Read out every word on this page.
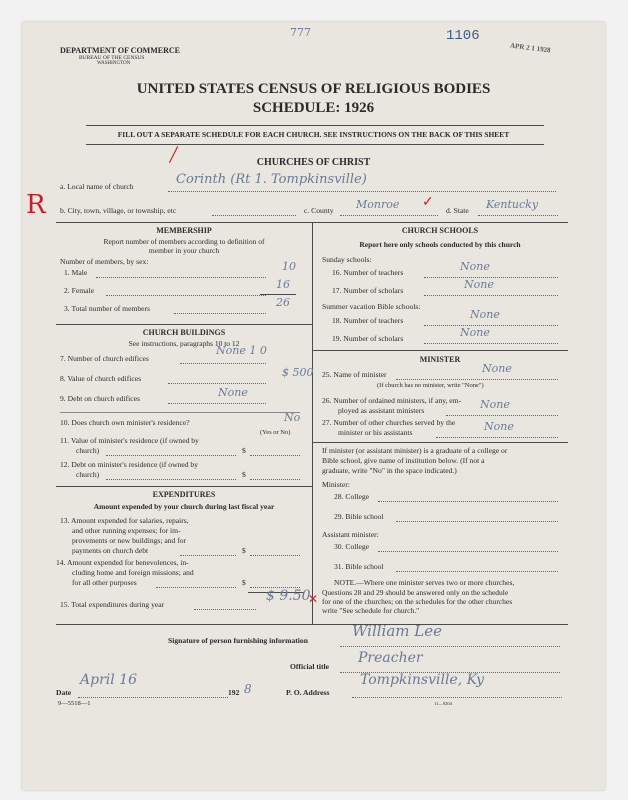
DEPARTMENT OF COMMERCE
BUREAU OF THE CENSUS
WASHINGTON
777	1106
APR 2 1 1928
UNITED STATES CENSUS OF RELIGIOUS BODIES
SCHEDULE: 1926
FILL OUT A SEPARATE SCHEDULE FOR EACH CHURCH. SEE INSTRUCTIONS ON THE BACK OF THIS SHEET
CHURCHES OF CHRIST
/
R
a. Local name of church	Corinth (Rt 1. Tompkinsville)
b. City, town, village, or township, etc	c. County Monroe ✓
d. State Kentucky
MEMBERSHIP
Report number of members according to definition of
member in your church
Number of members, by sex:
1. Male	10
2. Female	16
3. Total number of members	26
CHURCH BUILDINGS
See instructions, paragraphs 10 to 12
7. Number of church edifices
None 1 0
8. Value of church edifices	$ 500
9. Debt on church edifices	None
10. Does church own minister's residence?	No
(Yes or No)
11. Value of minister's residence (if owned by
church)	$
12. Debt on minister's residence (if owned by
church)	$
EXPENDITURES
Amount expended by your church during last fiscal year
13. Amount expended for salaries, repairs,
and other running expenses; for im-
provements or new buildings; and for
payments on church debt	$
14. Amount expended for benevolences, in-
cluding home and foreign missions; and
for all other purposes	$
15. Total expenditures during year
$ 9.50
✕
CHURCH SCHOOLS
Report here only schools conducted by this church
Sunday schools:
16. Number of teachers	None
17. Number of scholars	None
Summer vacation Bible schools:
18. Number of teachers	None
19. Number of scholars	None
MINISTER
25. Name of minister	None
(If church has no minister, write "None")
26. Number of ordained ministers, if any, em-
ployed as assistant ministers	None
27. Number of other churches served by the
minister or his assistants	None
If minister (or assistant minister) is a graduate of a college or
Bible school, give name of institution below. (If not a
graduate, write "No" in the space indicated.)
Minister:
28. College
29. Bible school
Assistant minister:
30. College
31. Bible school
NOTE.—Where one minister serves two or more churches,
Questions 28 and 29 should be answered only on the schedule
for one of the churches; on the schedules for the other churches
write "See schedule for church."
Signature of person furnishing information
William Lee
Official title
Preacher
Date
April 16
192 8	P. O. Address
Tompkinsville, Ky
9—5518—1	11—9204
